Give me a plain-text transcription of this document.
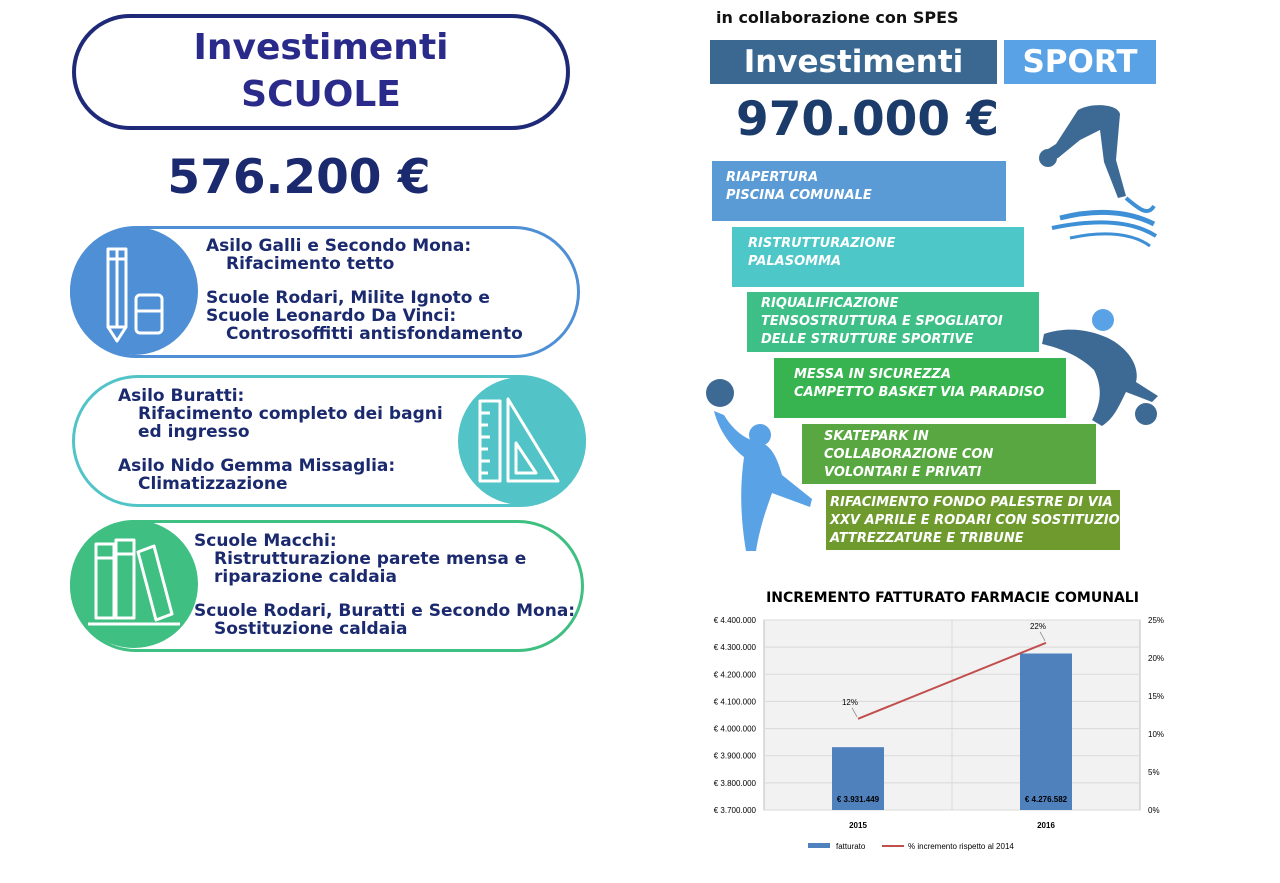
Investimenti
SCUOLE
576.200 €
Asilo Galli e Secondo Mona:
Rifacimento tetto
Scuole Rodari, Milite Ignoto e
Scuole Leonardo Da Vinci:
Controsoffitti antisfondamento
Asilo Buratti:
Rifacimento completo dei bagni
ed ingresso
Asilo Nido Gemma Missaglia:
Climatizzazione
Scuole Macchi:
Ristrutturazione parete mensa e
riparazione caldaia
Scuole Rodari, Buratti e Secondo Mona:
Sostituzione caldaia
in collaborazione con SPES
Investimenti	SPORT
970.000 €
RIAPERTURA
PISCINA COMUNALE
RISTRUTTURAZIONE
PALASOMMA
RIQUALIFICAZIONE
TENSOSTRUTTURA E SPOGLIATOI
DELLE STRUTTURE SPORTIVE
MESSA IN SICUREZZA
CAMPETTO BASKET VIA PARADISO
SKATEPARK IN
COLLABORAZIONE CON
VOLONTARI E PRIVATI
RIFACIMENTO FONDO PALESTRE DI VIA
XXV APRILE E RODARI CON SOSTITUZIONE
ATTREZZATURE E TRIBUNE
INCREMENTO FATTURATO FARMACIE COMUNALI
€ 3.700.000
€ 3.800.000
€ 3.900.000
€ 4.000.000
€ 4.100.000
€ 4.200.000
€ 4.300.000
€ 4.400.000
0%
5%
10%
15%
20%
25%
€ 3.931.449
2015
12%
€ 4.276.582
2016
22%
fatturato	% incremento rispetto al 2014
